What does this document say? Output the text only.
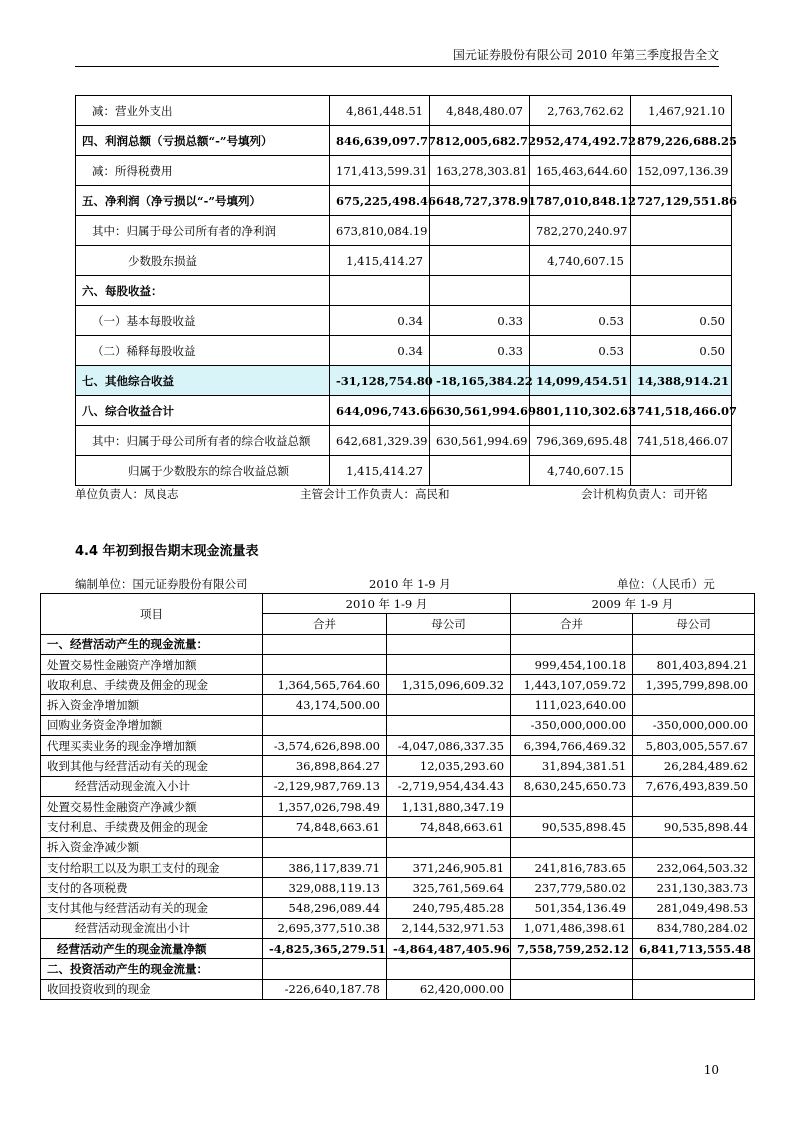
国元证券股份有限公司 2010 年第三季度报告全文
减：营业外支出	4,861,448.51	4,848,480.07	2,763,762.62	1,467,921.10
四、利润总额（亏损总额“-”号填列）	846,639,097.77	812,005,682.72	952,474,492.72	879,226,688.25
减：所得税费用	171,413,599.31	163,278,303.81	165,463,644.60	152,097,136.39
五、净利润（净亏损以“-”号填列）	675,225,498.46	648,727,378.91	787,010,848.12	727,129,551.86
其中：归属于母公司所有者的净利润	673,810,084.19		782,270,240.97	
少数股东损益	1,415,414.27		4,740,607.15	
六、每股收益：				
（一）基本每股收益	0.34	0.33	0.53	0.50
（二）稀释每股收益	0.34	0.33	0.53	0.50
七、其他综合收益	-31,128,754.80	-18,165,384.22	14,099,454.51	14,388,914.21
八、综合收益合计	644,096,743.66	630,561,994.69	801,110,302.63	741,518,466.07
其中：归属于母公司所有者的综合收益总额	642,681,329.39	630,561,994.69	796,369,695.48	741,518,466.07
归属于少数股东的综合收益总额	1,415,414.27		4,740,607.15	
单位负责人：凤良志	主管会计工作负责人：高民和	会计机构负责人：司开铭
4.4 年初到报告期末现金流量表
编制单位：国元证券股份有限公司	2010 年 1-9 月	单位：（人民币）元
项目	2010 年 1-9 月		2009 年 1-9 月	
	合并	母公司	合并	母公司
一、经营活动产生的现金流量：				
处置交易性金融资产净增加额			999,454,100.18	801,403,894.21
收取利息、手续费及佣金的现金	1,364,565,764.60	1,315,096,609.32	1,443,107,059.72	1,395,799,898.00
拆入资金净增加额	43,174,500.00		111,023,640.00	
回购业务资金净增加额			-350,000,000.00	-350,000,000.00
代理买卖业务的现金净增加额	-3,574,626,898.00	-4,047,086,337.35	6,394,766,469.32	5,803,005,557.67
收到其他与经营活动有关的现金	36,898,864.27	12,035,293.60	31,894,381.51	26,284,489.62
经营活动现金流入小计	-2,129,987,769.13	-2,719,954,434.43	8,630,245,650.73	7,676,493,839.50
处置交易性金融资产净减少额	1,357,026,798.49	1,131,880,347.19		
支付利息、手续费及佣金的现金	74,848,663.61	74,848,663.61	90,535,898.45	90,535,898.44
拆入资金净减少额				
支付给职工以及为职工支付的现金	386,117,839.71	371,246,905.81	241,816,783.65	232,064,503.32
支付的各项税费	329,088,119.13	325,761,569.64	237,779,580.02	231,130,383.73
支付其他与经营活动有关的现金	548,296,089.44	240,795,485.28	501,354,136.49	281,049,498.53
经营活动现金流出小计	2,695,377,510.38	2,144,532,971.53	1,071,486,398.61	834,780,284.02
经营活动产生的现金流量净额	-4,825,365,279.51	-4,864,487,405.96	7,558,759,252.12	6,841,713,555.48
二、投资活动产生的现金流量：				
收回投资收到的现金	-226,640,187.78	62,420,000.00		
10
